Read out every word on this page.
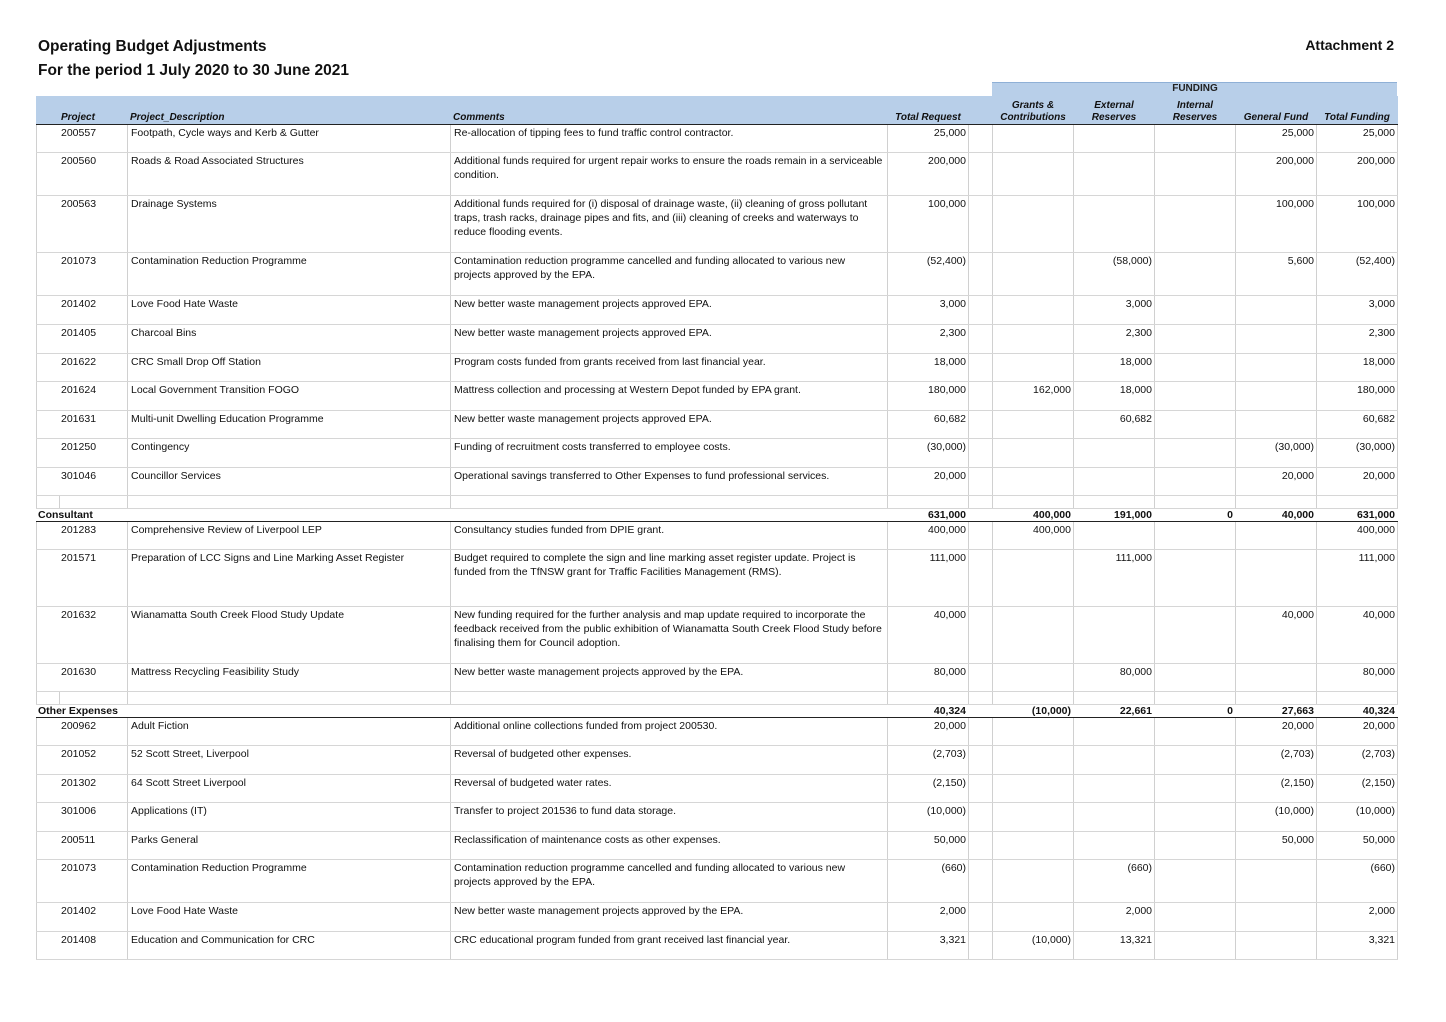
Operating Budget Adjustments
For the period 1 July 2020 to 30 June 2021
Attachment 2
FUNDING
Project		Project_Description	Comments	Total Request		Grants & Contributions	External Reserves	Internal Reserves	General Fund	Total Funding
200557		Footpath, Cycle ways and Kerb & Gutter	Re-allocation of tipping fees to fund traffic control contractor.	25,000					25,000	25,000
200560		Roads & Road Associated Structures	Additional funds required for urgent repair works to ensure the roads remain in a serviceable condition.	200,000					200,000	200,000
200563		Drainage Systems	Additional funds required for (i) disposal of drainage waste, (ii) cleaning of gross pollutant traps, trash racks, drainage pipes and fits, and (iii) cleaning of creeks and waterways to reduce flooding events.	100,000					100,000	100,000
201073		Contamination Reduction Programme	Contamination reduction programme cancelled and funding allocated to various new projects approved by the EPA.	(52,400)			(58,000)		5,600	(52,400)
201402		Love Food Hate Waste	New better waste management projects approved EPA.	3,000			3,000			3,000
201405		Charcoal Bins	New better waste management projects approved EPA.	2,300			2,300			2,300
201622		CRC Small Drop Off Station	Program costs funded from grants received from last financial year.	18,000			18,000			18,000
201624		Local Government Transition FOGO	Mattress collection and processing at Western Depot funded by EPA grant.	180,000		162,000	18,000			180,000
201631		Multi-unit Dwelling Education Programme	New better waste management projects approved EPA.	60,682			60,682			60,682
201250		Contingency	Funding of recruitment costs transferred to employee costs.	(30,000)					(30,000)	(30,000)
301046		Councillor Services	Operational savings transferred to Other Expenses to fund professional services.	20,000					20,000	20,000

Consultant				631,000		400,000	191,000	0	40,000	631,000
201283		Comprehensive Review of Liverpool LEP	Consultancy studies funded from DPIE grant.	400,000		400,000				400,000
201571		Preparation of LCC Signs and Line Marking Asset Register	Budget required to complete the sign and line marking asset register update. Project is funded from the TfNSW grant for Traffic Facilities Management (RMS).	111,000			111,000			111,000
201632		Wianamatta South Creek Flood Study Update	New funding required for the further analysis and map update required to incorporate the feedback received from the public exhibition of Wianamatta South Creek Flood Study before finalising them for Council adoption.	40,000					40,000	40,000
201630		Mattress Recycling Feasibility Study	New better waste management projects approved by the EPA.	80,000			80,000			80,000

Other Expenses				40,324		(10,000)	22,661	0	27,663	40,324
200962		Adult Fiction	Additional online collections funded from project 200530.	20,000					20,000	20,000
201052		52 Scott Street, Liverpool	Reversal of budgeted other expenses.	(2,703)					(2,703)	(2,703)
201302		64 Scott Street Liverpool	Reversal of budgeted water rates.	(2,150)					(2,150)	(2,150)
301006		Applications (IT)	Transfer to project 201536 to fund data storage.	(10,000)					(10,000)	(10,000)
200511		Parks General	Reclassification of maintenance costs as other expenses.	50,000					50,000	50,000
201073		Contamination Reduction Programme	Contamination reduction programme cancelled and funding allocated to various new projects approved by the EPA.	(660)			(660)			(660)
201402		Love Food Hate Waste	New better waste management projects approved by the EPA.	2,000			2,000			2,000
201408		Education and Communication for CRC	CRC educational program funded from grant received last financial year.	3,321		(10,000)	13,321			3,321
